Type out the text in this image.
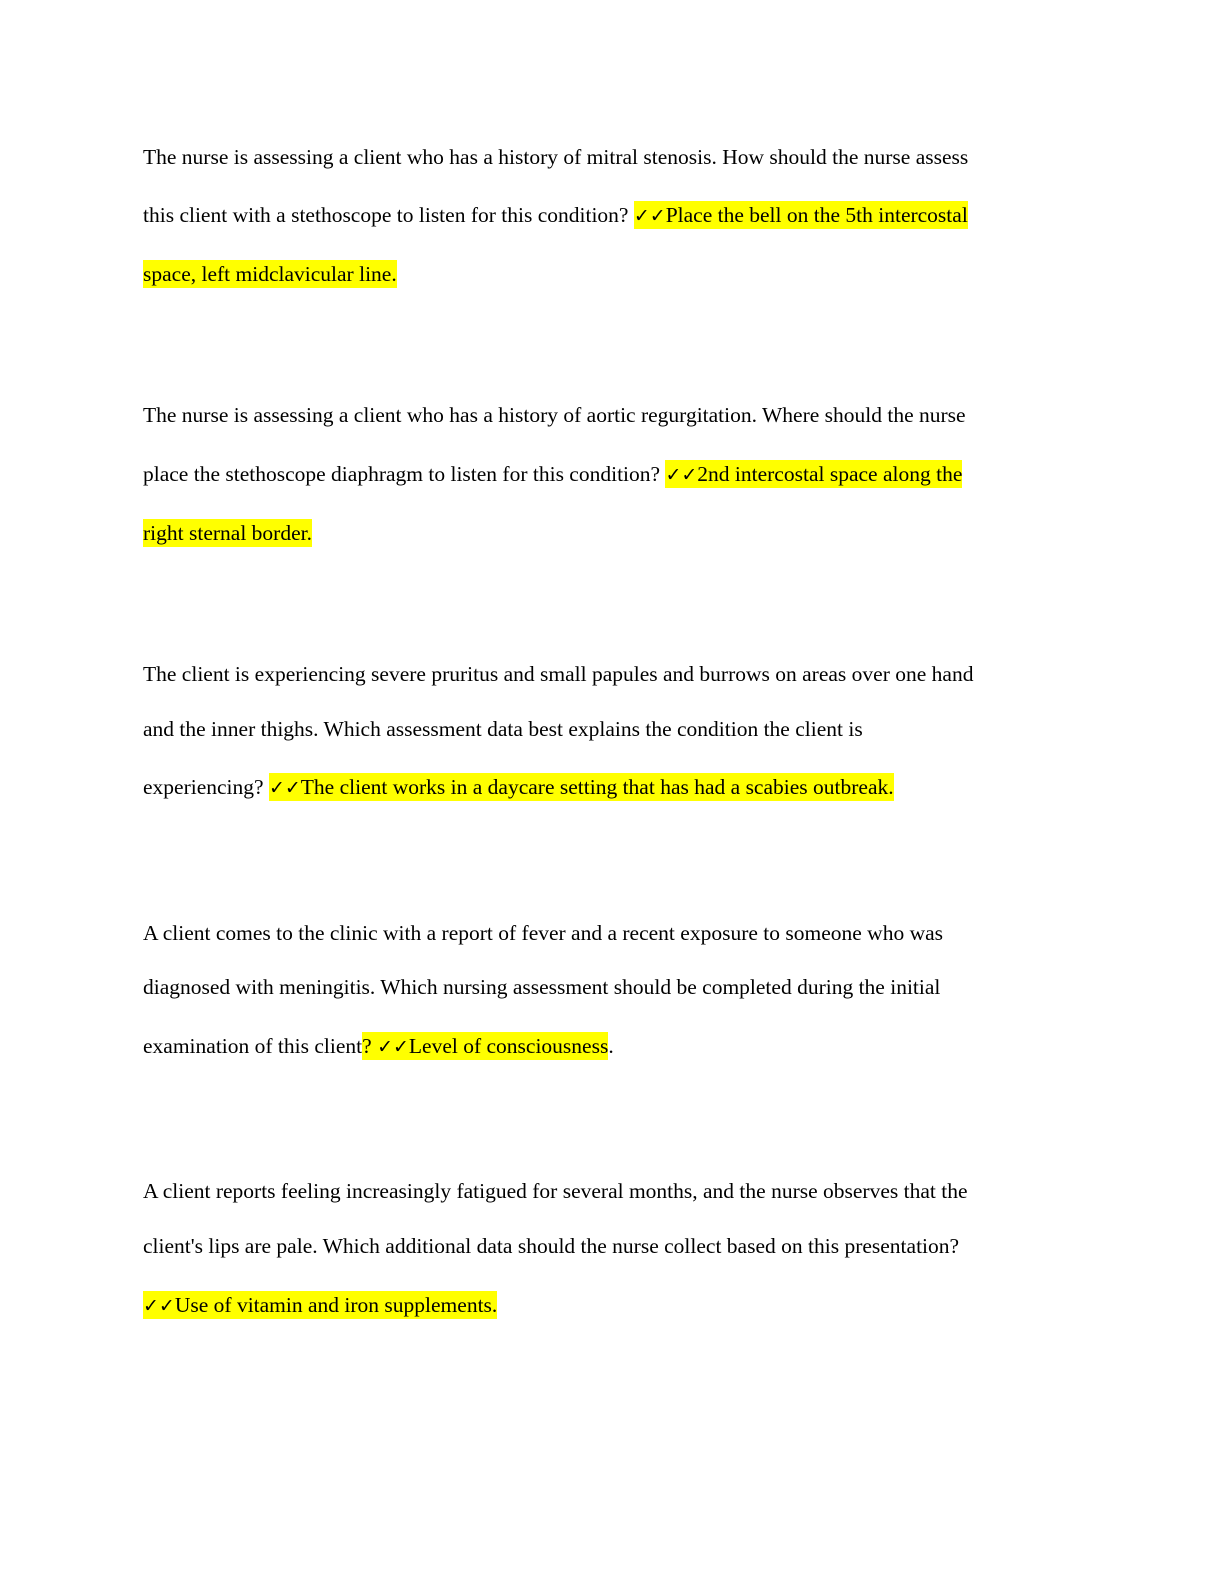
The nurse is assessing a client who has a history of mitral stenosis. How should the nurse assess

this client with a stethoscope to listen for this condition? ✓✓Place the bell on the 5th intercostal

space, left midclavicular line.

The nurse is assessing a client who has a history of aortic regurgitation. Where should the nurse

place the stethoscope diaphragm to listen for this condition? ✓✓2nd intercostal space along the

right sternal border.

The client is experiencing severe pruritus and small papules and burrows on areas over one hand

and the inner thighs. Which assessment data best explains the condition the client is

experiencing? ✓✓The client works in a daycare setting that has had a scabies outbreak.

A client comes to the clinic with a report of fever and a recent exposure to someone who was

diagnosed with meningitis. Which nursing assessment should be completed during the initial

examination of this client? ✓✓Level of consciousness.

A client reports feeling increasingly fatigued for several months, and the nurse observes that the

client's lips are pale. Which additional data should the nurse collect based on this presentation?

✓✓Use of vitamin and iron supplements.
